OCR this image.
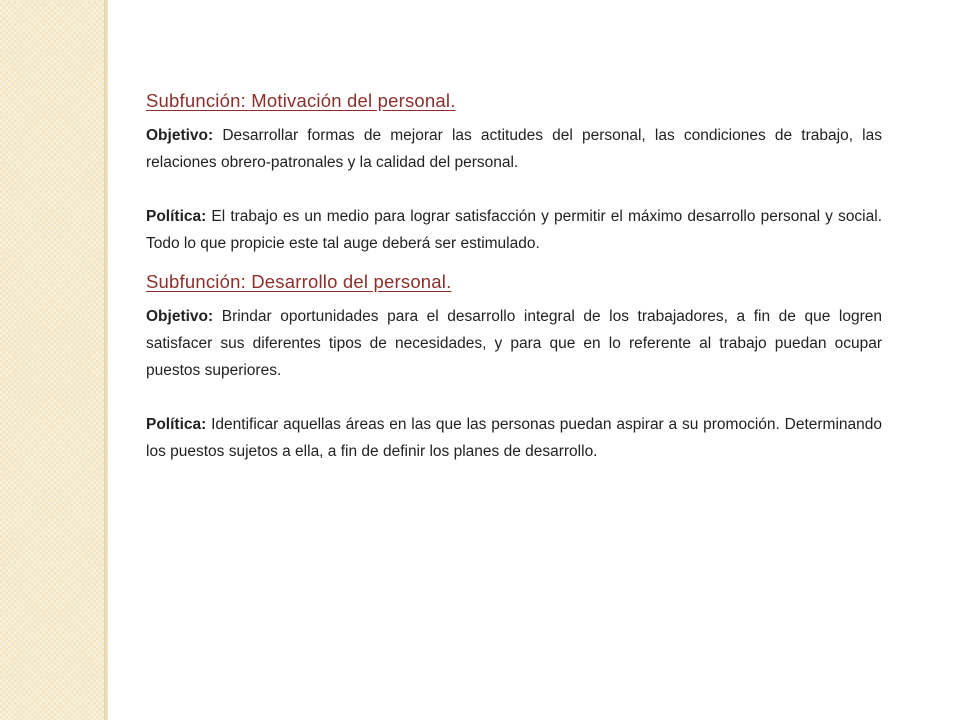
Subfunción: Motivación del personal.

Objetivo: Desarrollar formas de mejorar las actitudes del personal, las condiciones de trabajo, las relaciones obrero-patronales y la calidad del personal.

Política: El trabajo es un medio para lograr satisfacción y permitir el máximo desarrollo personal y social. Todo lo que propicie este tal auge deberá ser estimulado.

Subfunción: Desarrollo del personal.

Objetivo: Brindar oportunidades para el desarrollo integral de los trabajadores, a fin de que logren satisfacer sus diferentes tipos de necesidades, y para que en lo referente al trabajo puedan ocupar puestos superiores.

Política: Identificar aquellas áreas en las que las personas puedan aspirar a su promoción. Determinando los puestos sujetos a ella, a fin de definir los planes de desarrollo.
